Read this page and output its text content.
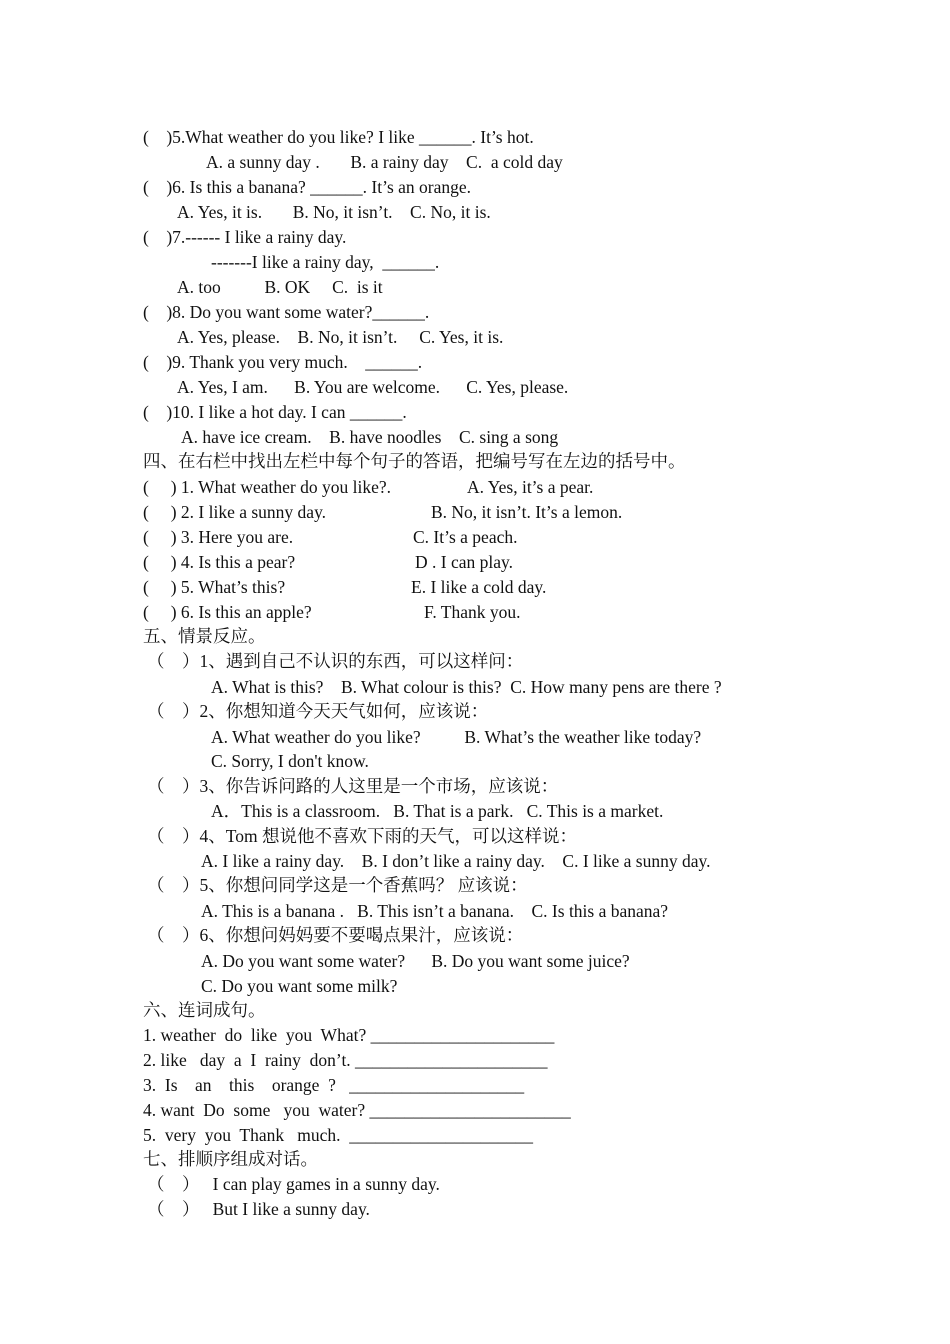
(    )5.What weather do you like? I like ______. It’s hot.
A. a sunny day .       B. a rainy day    C.  a cold day
(    )6. Is this a banana? ______. It’s an orange.
A. Yes, it is.       B. No, it isn’t.    C. No, it is.
(    )7.------ I like a rainy day.
-------I like a rainy day,  ______.
A. too          B. OK     C.  is it
(    )8. Do you want some water?______.
A. Yes, please.    B. No, it isn’t.     C. Yes, it is.
(    )9. Thank you very much.    ______.
A. Yes, I am.      B. You are welcome.      C. Yes, please.
(    )10. I like a hot day. I can ______.
A. have ice cream.    B. have noodles    C. sing a song
四、在右栏中找出左栏中每个句子的答语，把编号写在左边的括号中。
(     ) 1. What weather do you like?.	A. Yes, it’s a pear.
(     ) 2. I like a sunny day.	B. No, it isn’t. It’s a lemon.
(     ) 3. Here you are.	C. It’s a peach.
(     ) 4. Is this a pear?	D . I can play.
(     ) 5. What’s this?	E. I like a cold day.
(     ) 6. Is this an apple?	F. Thank you.
五、情景反应。
（    ）1、遇到自己不认识的东西，可以这样问：
A. What is this?    B. What colour is this?  C. How many pens are there ?
（    ）2、你想知道今天天气如何，应该说：
A. What weather do you like?          B. What’s the weather like today?
C. Sorry, I don't know.
（    ）3、你告诉问路的人这里是一个市场，应该说：
A．This is a classroom.   B. That is a park.   C. This is a market.
（    ）4、Tom 想说他不喜欢下雨的天气，可以这样说：
A. I like a rainy day.    B. I don’t like a rainy day.    C. I like a sunny day.
（    ）5、你想问同学这是一个香蕉吗？ 应该说：
A. This is a banana .   B. This isn’t a banana.    C. Is this a banana?
（    ）6、你想问妈妈要不要喝点果汁，应该说：
A. Do you want some water?      B. Do you want some juice?
C. Do you want some milk?
六、连词成句。
1. weather  do  like  you  What? _____________________
2. like   day  a  I  rainy  don’t. ______________________
3.  Is    an    this    orange  ?   ____________________
4. want  Do  some   you  water? _______________________
5.  very  you  Thank   much.  _____________________
七、排顺序组成对话。
（    ）   I can play games in a sunny day.
（    ）   But I like a sunny day.
